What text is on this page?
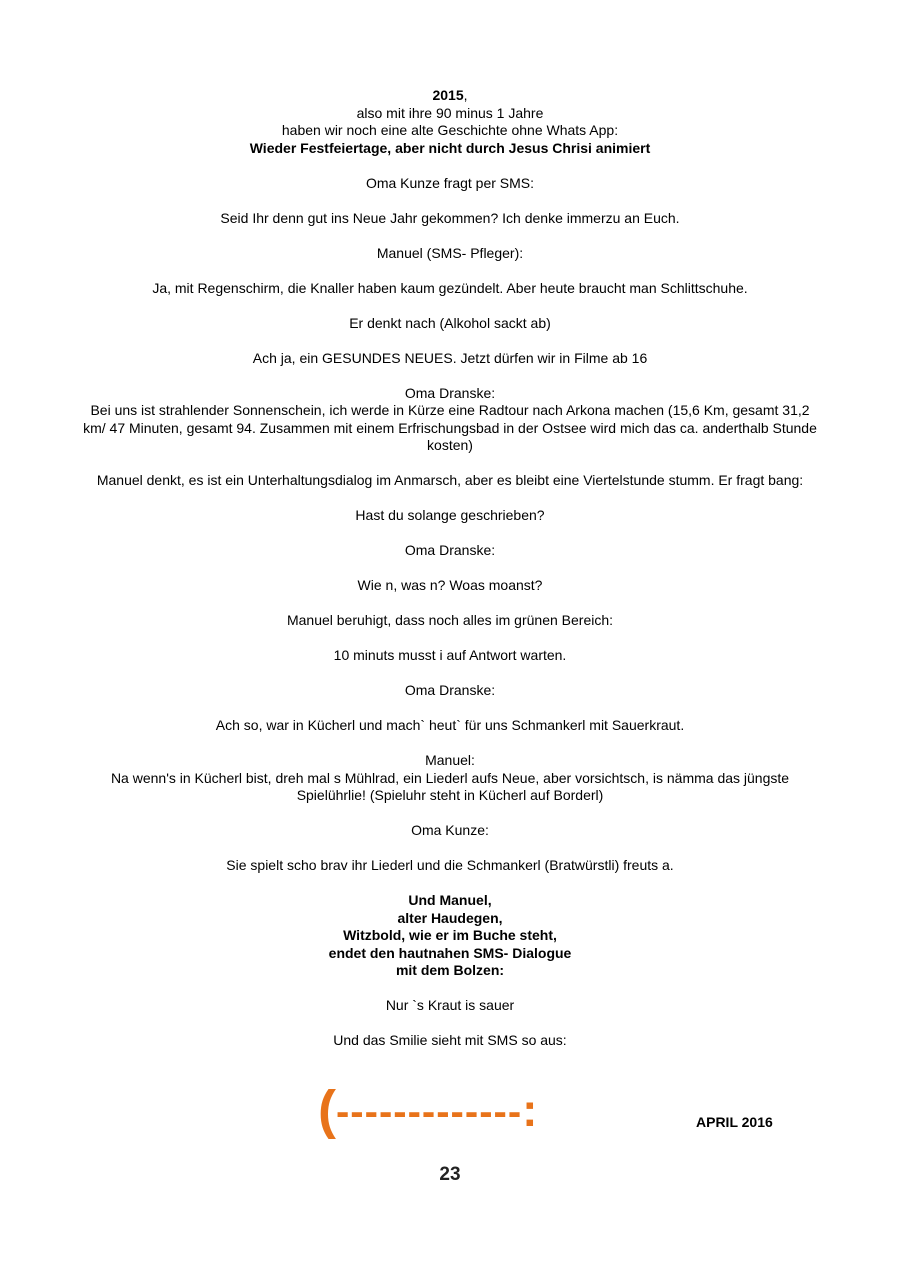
2015,
also mit ihre 90 minus 1 Jahre
haben wir noch eine alte Geschichte ohne Whats App:
Wieder Festfeiertage, aber nicht durch Jesus Chrisi animiert

Oma Kunze fragt per SMS:

Seid Ihr denn gut ins Neue Jahr gekommen? Ich denke immerzu an Euch.

Manuel (SMS- Pfleger):

Ja, mit Regenschirm, die Knaller haben kaum gezündelt. Aber heute braucht man Schlittschuhe.

Er denkt nach (Alkohol sackt ab)

Ach ja, ein GESUNDES NEUES. Jetzt dürfen wir in Filme ab 16

Oma Dranske:
Bei uns ist strahlender Sonnenschein, ich werde in Kürze eine Radtour nach Arkona machen (15,6 Km, gesamt 31,2 km/ 47 Minuten, gesamt 94. Zusammen mit einem Erfrischungsbad in der Ostsee wird mich das ca. anderthalb Stunde kosten)

Manuel denkt, es ist ein Unterhaltungsdialog im Anmarsch, aber es bleibt eine Viertelstunde stumm. Er fragt bang:

Hast du solange geschrieben?

Oma Dranske:

Wie n, was n? Woas moanst?

Manuel beruhigt, dass noch alles im grünen Bereich:

10 minuts musst i auf Antwort warten.

Oma Dranske:

Ach so, war in Kücherl und mach` heut` für uns Schmankerl mit Sauerkraut.

Manuel:
Na wenn's in Kücherl bist, dreh mal s Mühlrad, ein Liederl aufs Neue, aber vorsichtsch, is nämma das jüngste Spielührlie! (Spieluhr steht in Kücherl auf Borderl)

Oma Kunze:

Sie spielt scho brav ihr Liederl und die Schmankerl (Bratwürstli) freuts a.

Und Manuel,
alter Haudegen,
Witzbold, wie er im Buche steht,
endet den hautnahen SMS- Dialogue
mit dem Bolzen:

Nur `s Kraut is sauer

Und das Smilie sieht mit SMS so aus:

(-------------:	APRIL 2016
23
